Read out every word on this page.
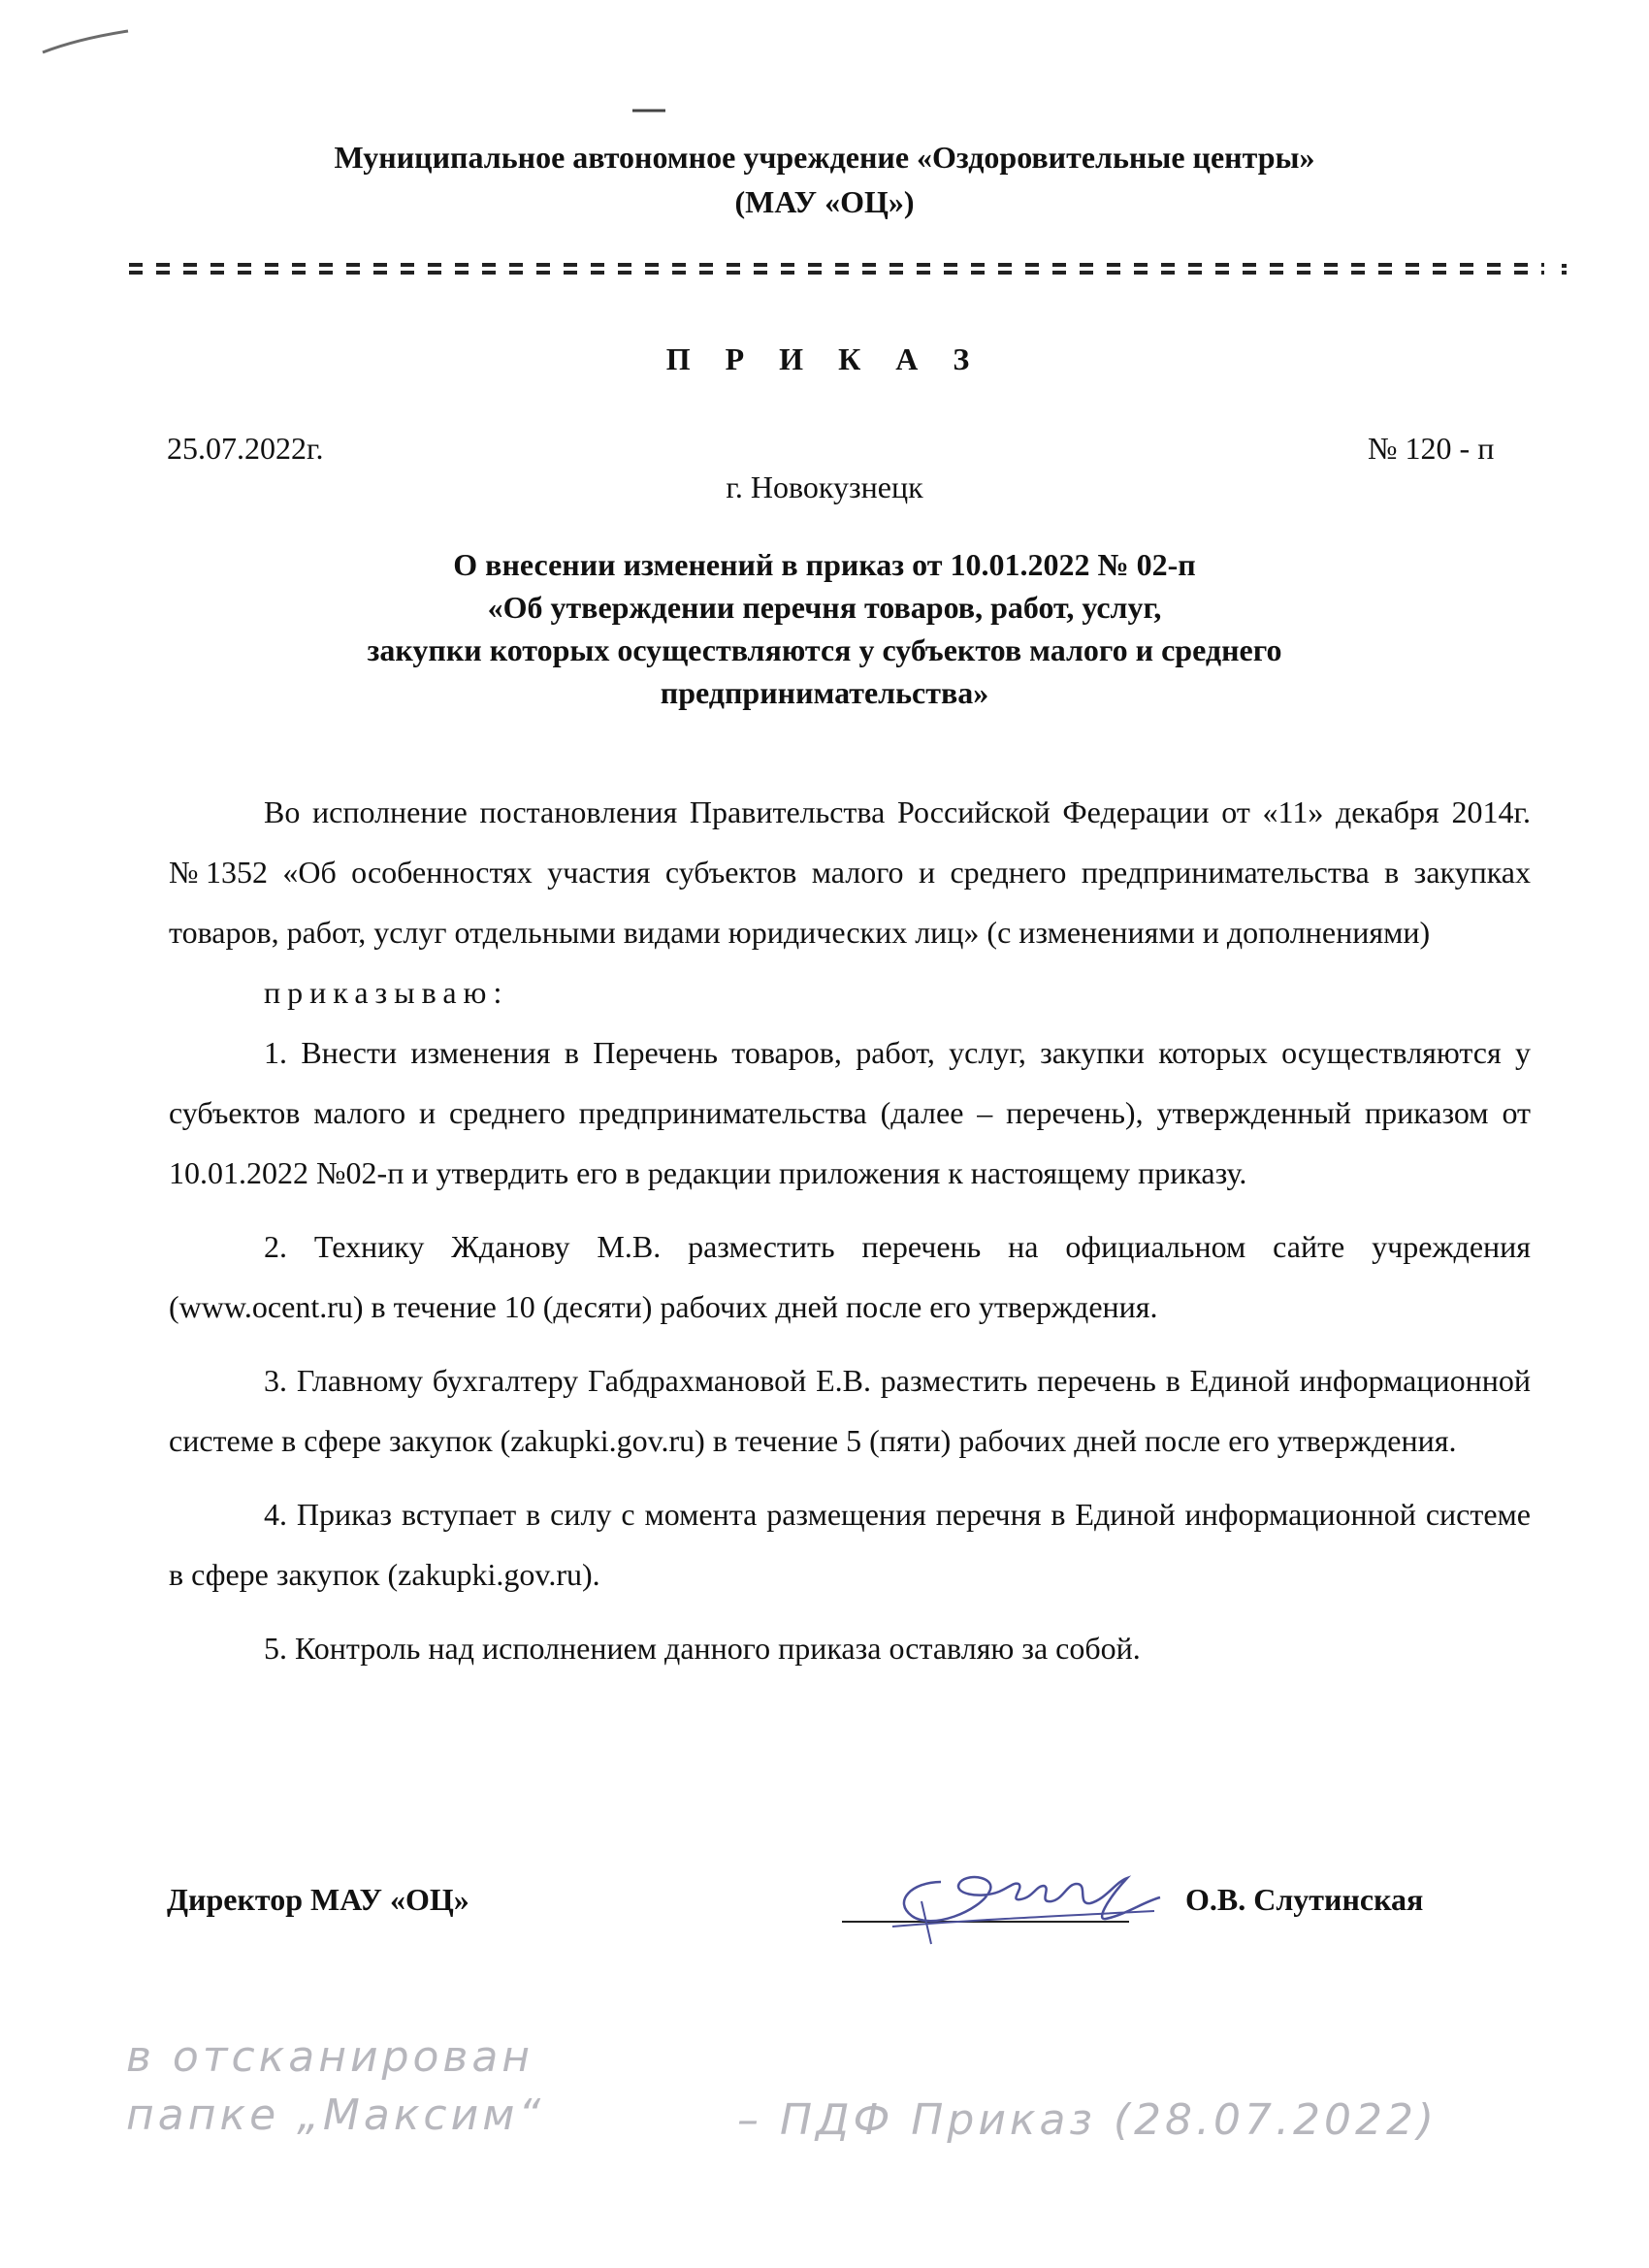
Муниципальное автономное учреждение «Оздоровительные центры»
(МАУ «ОЦ»)
П Р И К А З
25.07.2022г.	№ 120 - п
г. Новокузнецк
О внесении изменений в приказ от 10.01.2022 № 02-п
«Об утверждении перечня товаров, работ, услуг,
закупки которых осуществляются у субъектов малого и среднего
предпринимательства»

Во исполнение постановления Правительства Российской Федерации от «11» декабря 2014г. №1352 «Об особенностях участия субъектов малого и среднего предпринимательства в закупках товаров, работ, услуг отдельными видами юридических лиц» (с изменениями и дополнениями)

приказываю:

1. Внести изменения в Перечень товаров, работ, услуг, закупки которых осуществляются у субъектов малого и среднего предпринимательства (далее – перечень), утвержденный приказом от 10.01.2022 №02-п и утвердить его в редакции приложения к настоящему приказу.

2. Технику Жданову М.В. разместить перечень на официальном сайте учреждения (www.ocent.ru) в течение 10 (десяти) рабочих дней после его утверждения.

3. Главному бухгалтеру Габдрахмановой Е.В. разместить перечень в Единой информационной системе в сфере закупок (zakupki.gov.ru) в течение 5 (пяти) рабочих дней после его утверждения.

4. Приказ вступает в силу с момента размещения перечня в Единой информационной системе в сфере закупок (zakupki.gov.ru).

5. Контроль над исполнением данного приказа оставляю за собой.

Директор МАУ «ОЦ»	О.В. Слутинская
в отсканирован
папке „Максим“	– ПДФ Приказ (28.07.2022)
